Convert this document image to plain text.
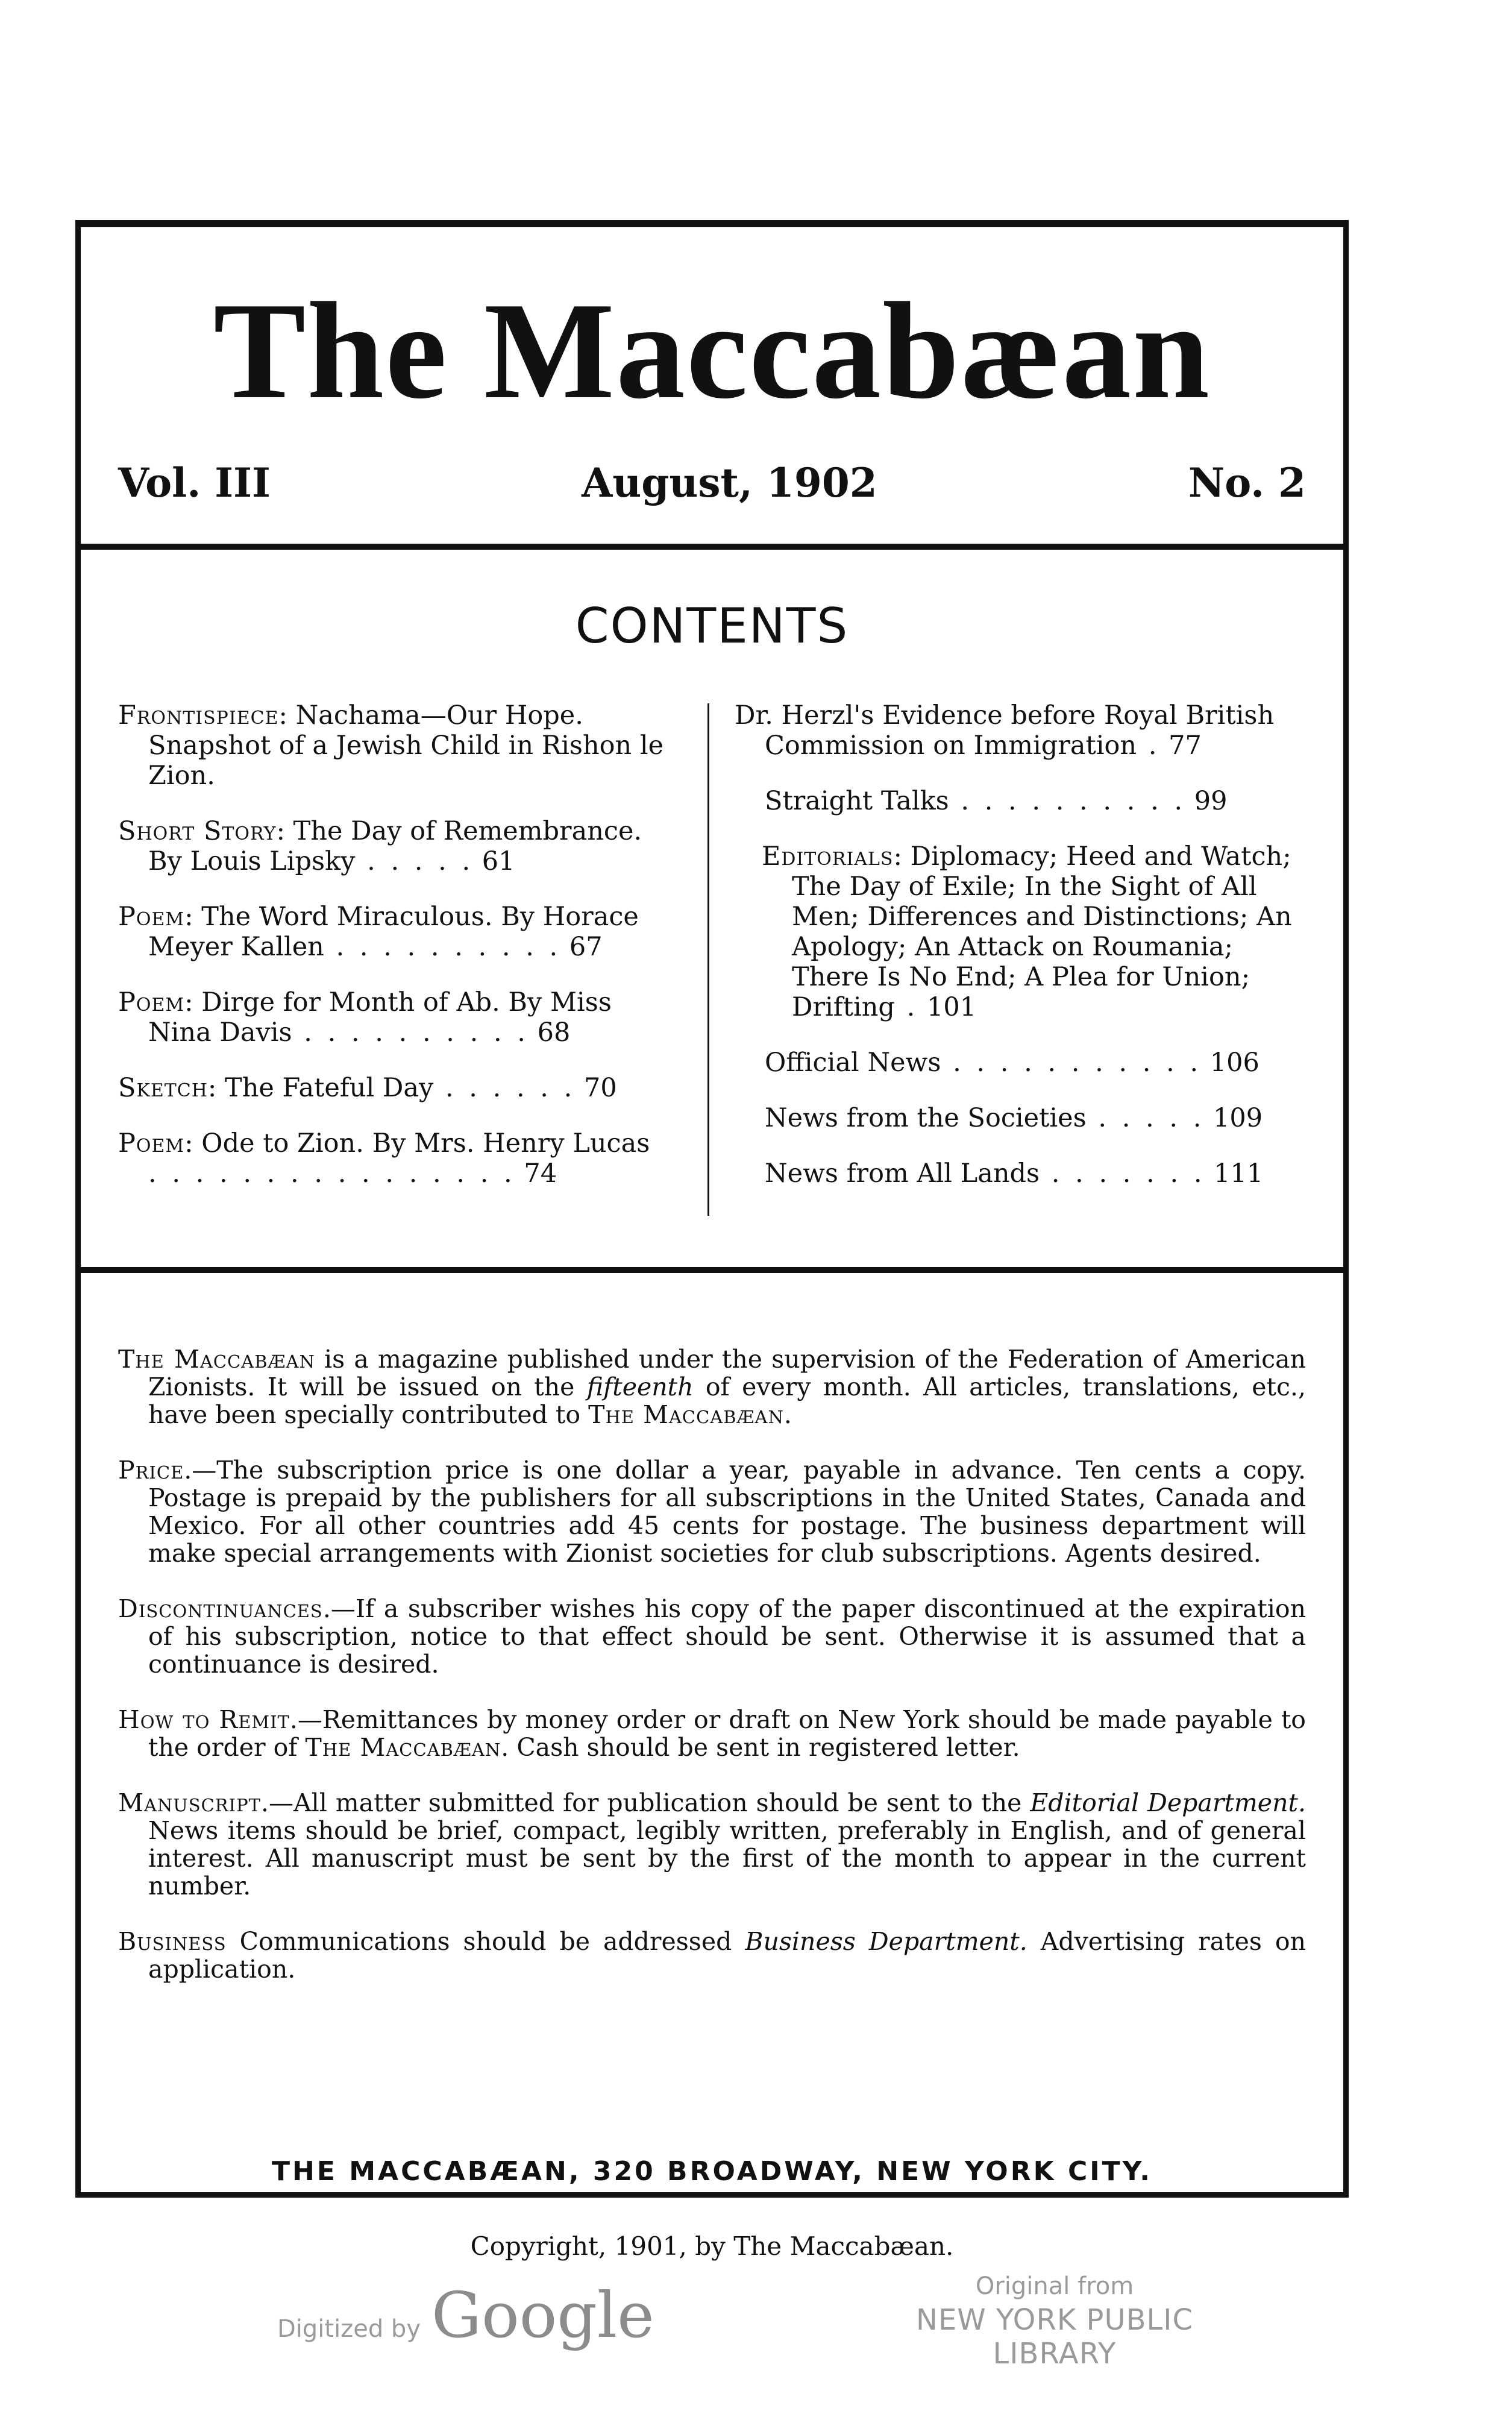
The Maccabæan
Vol. III	August, 1902	No. 2
CONTENTS
Frontispiece: Nachama—Our Hope. Snapshot of a Jewish Child in Rishon le Zion.
Short Story: The Day of Remembrance. By Louis Lipsky . . . . . 61
Poem: The Word Miraculous. By Horace Meyer Kallen . . . . . . . . . . 67
Poem: Dirge for Month of Ab. By Miss Nina Davis . . . . . . . . . . 68
Sketch: The Fateful Day . . . . . . 70
Poem: Ode to Zion. By Mrs. Henry Lucas . . . . . . . . . . . . . . . . 74
Dr. Herzl's Evidence before Royal British Commission on Immigration . 77
Straight Talks . . . . . . . . . . 99
Editorials: Diplomacy; Heed and Watch; The Day of Exile; In the Sight of All Men; Differences and Distinctions; An Apology; An Attack on Roumania; There Is No End; A Plea for Union; Drifting . 101
Official News . . . . . . . . . . . 106
News from the Societies . . . . . 109
News from All Lands . . . . . . . 111

The Maccabæan is a magazine published under the supervision of the Federation of American Zionists. It will be issued on the fifteenth of every month. All articles, translations, etc., have been specially contributed to The Maccabæan.

Price.—The subscription price is one dollar a year, payable in advance. Ten cents a copy. Postage is prepaid by the publishers for all subscriptions in the United States, Canada and Mexico. For all other countries add 45 cents for postage. The business department will make special arrangements with Zionist societies for club subscriptions. Agents desired.

Discontinuances.—If a subscriber wishes his copy of the paper discontinued at the expiration of his subscription, notice to that effect should be sent. Otherwise it is assumed that a continuance is desired.

How to Remit.—Remittances by money order or draft on New York should be made payable to the order of The Maccabæan. Cash should be sent in registered letter.

Manuscript.—All matter submitted for publication should be sent to the Editorial Department. News items should be brief, compact, legibly written, preferably in English, and of general interest. All manuscript must be sent by the first of the month to appear in the current number.

Business Communications should be addressed Business Department. Advertising rates on application.

THE MACCABÆAN, 320 BROADWAY, NEW YORK CITY.
Copyright, 1901, by The Maccabæan.
Digitized by Google	Original from
NEW YORK PUBLIC LIBRARY
